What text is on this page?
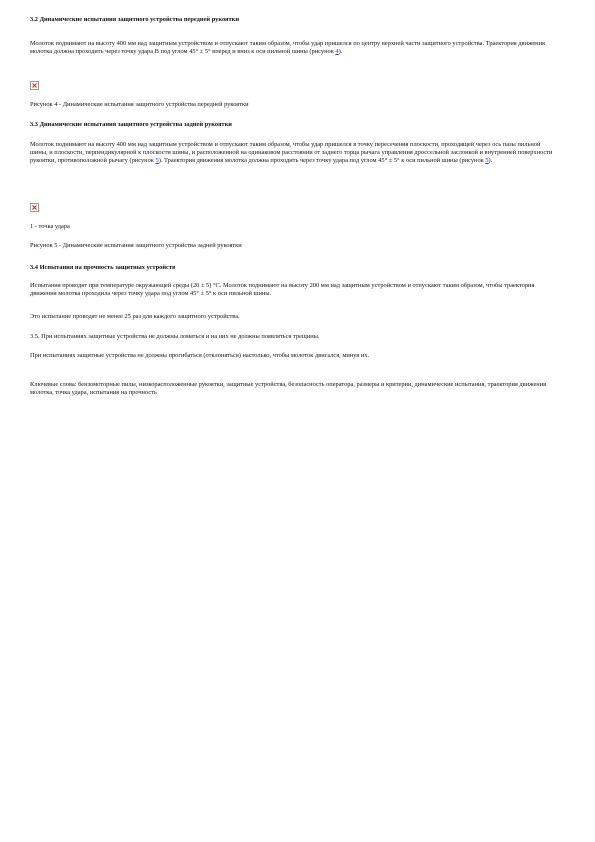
3.2 Динамические испытания защитного устройства передней рукоятки

Молоток поднимают на высоту 400 мм над защитным устройством и отпускают таким образом, чтобы удар пришелся по центру верхней части защитного устройства. Траектория движения молотка должна проходить через точку удара В под углом 45° ± 5° вперед и вниз к оси пильной шины (рисунок 4).

Рисунок 4 - Динамические испытания защитного устройства передней рукоятки

3.3 Динамические испытания защитного устройства задней рукоятки

Молоток поднимают на высоту 400 мм над защитным устройством и отпускают таким образом, чтобы удар пришелся в точку пересечения плоскости, проходящей через ось пазы пильной шины, и плоскости, перпендикулярной к плоскости шины, и расположенной на одинаковом расстоянии от заднего торца рычага управления дроссельной заслонкой и внутренней поверхности рукоятки, противоположной рычагу (рисунок 5). Траектория движения молотка должна проходить через точку удара под углом 45° ± 5° к оси пильной шины (рисунок 5).

1 - точка удара

Рисунок 5 - Динамические испытания защитного устройства задней рукоятки

3.4 Испытания на прочность защитных устройств

Испытания проводят при температуре окружающей среды (20 ± 5) °С. Молоток поднимают на высоту 200 мм над защитным устройством и отпускают таким образом, чтобы траектория движения молотка проходила через точку удара под углом 45° ± 5° к оси пильной шины.

Это испытание проводят не менее 25 раз для каждого защитного устройства.

3.5. При испытаниях защитные устройства не должны ломаться и на них не должны появляться трещины.

При испытаниях защитные устройства не должны прогибаться (отклоняться) настолько, чтобы молоток двигался, минуя их.

Ключевые слова: бензомоторные пилы, низкорасположенные рукоятки, защитные устройства, безопасность оператора, размеры и критерии, динамические испытания, траектория движения молотка, точка удара, испытания на прочность
